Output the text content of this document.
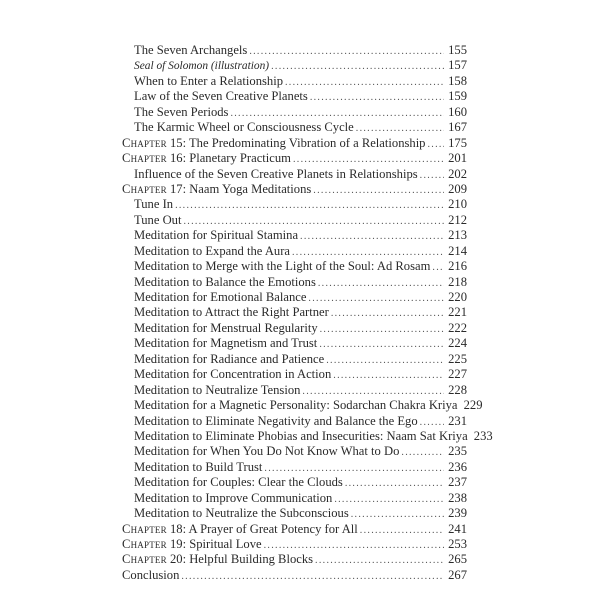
The Seven Archangels . . .	155
Seal of Solomon (illustration) . . .	157
When to Enter a Relationship . . .	158
Law of the Seven Creative Planets . . .	159
The Seven Periods . . .	160
The Karmic Wheel or Consciousness Cycle . . .	167
Chapter 15: The Predominating Vibration of a Relationship . . . 175
Chapter 16: Planetary Practicum . . .	201
Influence of the Seven Creative Planets in Relationships . . . 202
Chapter 17: Naam Yoga Meditations . . .	209
Tune In . . .	210
Tune Out . . .	212
Meditation for Spiritual Stamina . . .	213
Meditation to Expand the Aura . . .	214
Meditation to Merge with the Light of the Soul: Ad Rosam . . . 216
Meditation to Balance the Emotions . . .	218
Meditation for Emotional Balance . . .	220
Meditation to Attract the Right Partner . . .	221
Meditation for Menstrual Regularity . . .	222
Meditation for Magnetism and Trust . . .	224
Meditation for Radiance and Patience . . .	225
Meditation for Concentration in Action . . .	227
Meditation to Neutralize Tension . . .	228
Meditation for a Magnetic Personality: Sodarchan Chakra Kriya 229
Meditation to Eliminate Negativity and Balance the Ego . . . 231
Meditation to Eliminate Phobias and Insecurities: Naam Sat Kriya 233
Meditation for When You Do Not Know What to Do . . .	235
Meditation to Build Trust . . .	236
Meditation for Couples: Clear the Clouds . . .	237
Meditation to Improve Communication . . .	238
Meditation to Neutralize the Subconscious . . .	239
Chapter 18: A Prayer of Great Potency for All . . .	241
Chapter 19: Spiritual Love . . .	253
Chapter 20: Helpful Building Blocks . . .	265
Conclusion . . .	267
